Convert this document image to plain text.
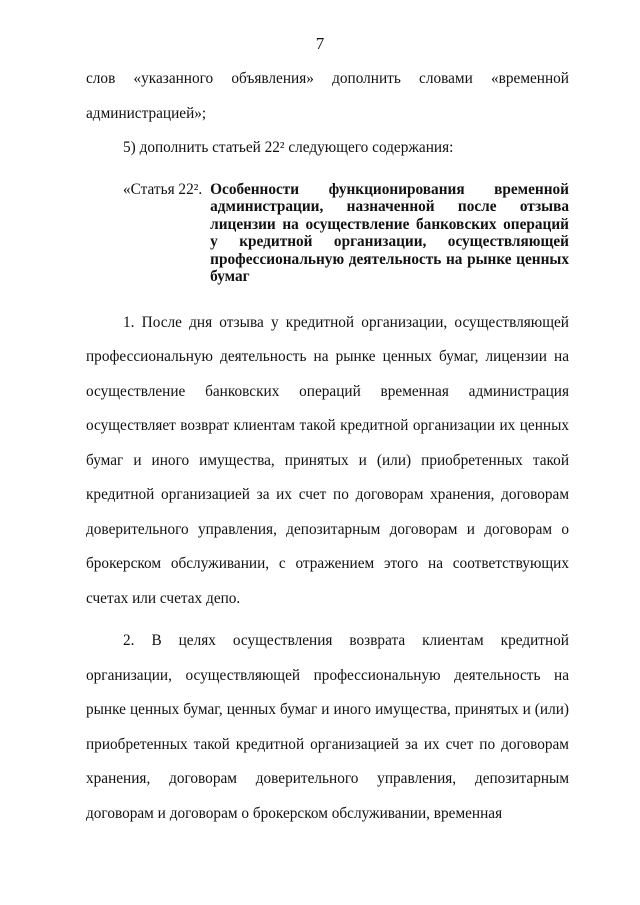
7

слов «указанного объявления» дополнить словами «временной администрацией»;

5) дополнить статьей 22² следующего содержания:

«Статья 22². Особенности функционирования временной администрации, назначенной после отзыва лицензии на осуществление банковских операций у кредитной организации, осуществляющей профессиональную деятельность на рынке ценных бумаг

1. После дня отзыва у кредитной организации, осуществляющей профессиональную деятельность на рынке ценных бумаг, лицензии на осуществление банковских операций временная администрация осуществляет возврат клиентам такой кредитной организации их ценных бумаг и иного имущества, принятых и (или) приобретенных такой кредитной организацией за их счет по договорам хранения, договорам доверительного управления, депозитарным договорам и договорам о брокерском обслуживании, с отражением этого на соответствующих счетах или счетах депо.

2. В целях осуществления возврата клиентам кредитной организации, осуществляющей профессиональную деятельность на рынке ценных бумаг, ценных бумаг и иного имущества, принятых и (или) приобретенных такой кредитной организацией за их счет по договорам хранения, договорам доверительного управления, депозитарным договорам и договорам о брокерском обслуживании, временная
